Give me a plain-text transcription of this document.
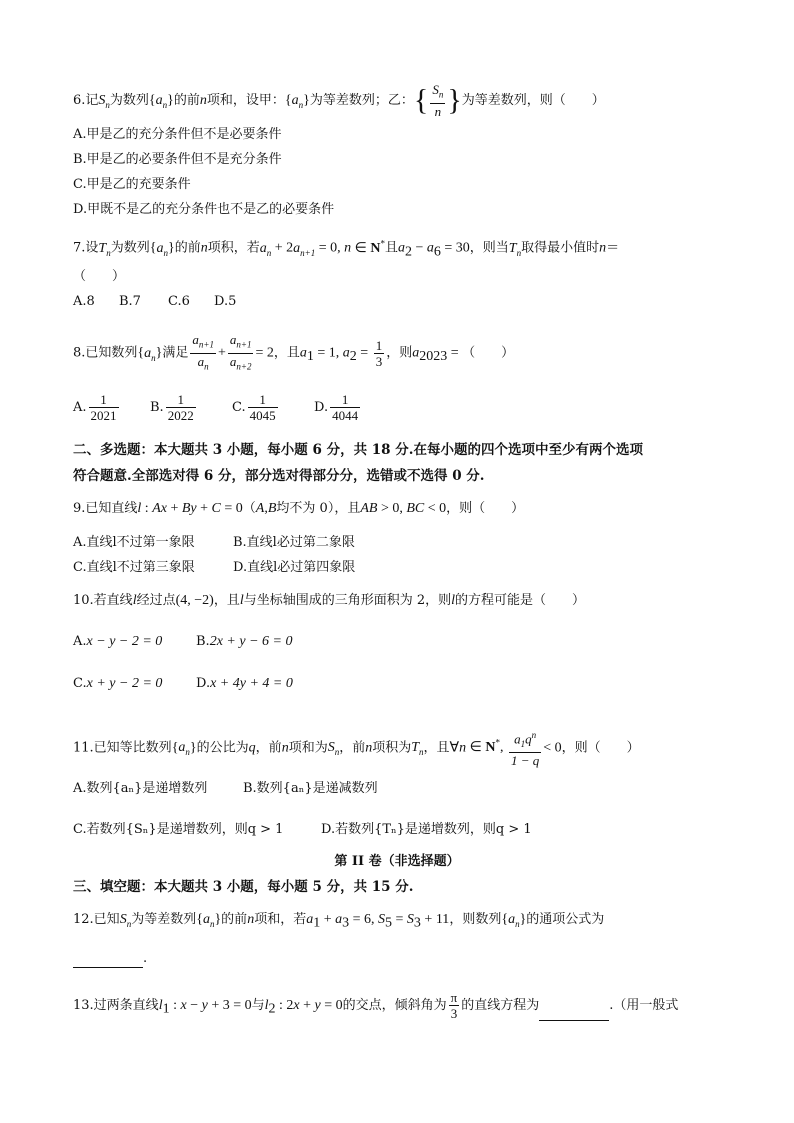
6.记$S_n$为数列$\{a_n\}$的前n项和，设甲：$\{a_n\}$为等差数列；乙：{ $\frac{S_n}{n}$ }为等差数列，则（　　）
A.甲是乙的充分条件但不是必要条件
B.甲是乙的必要条件但不是充分条件
C.甲是乙的充要条件
D.甲既不是乙的充分条件也不是乙的必要条件
7.设$T_n$为数列$\{a_n\}$的前n项积，若$a_n + 2a_{n+1} = 0$, n ∈ N*且$a_2 - a_6 = 30$，则当$T_n$取得最小值时n＝
（　　）
A.8 B.7 C.6 D.5
8.已知数列$\{a_n\}$满足 $\frac{a_{n+1}}{a_n} + \frac{a_{n+1}}{a_{n+2}} = 2$，且$a_1 = 1$, $a_2 = \frac{1}{3}$ ，则$a_{2023}$ = （　　）
A. $\frac{1}{2021} B$. $\frac{1}{2022}$	C. $\frac{1}{4045}$	D. $\frac{1}{4044}$
二、多选题：本大题共 3 小题，每小题 6 分，共 18 分.在每小题的四个选项中至少有两个选项
符合题意.全部选对得 6 分，部分选对得部分分，选错或不选得 0 分.
9.已知直线l : Ax + By + C = 0（A,B均不为 0），且AB > 0, BC < 0，则（　　）
A.直线l不过第一象限	B.直线l必过第二象限
C.直线l不过第三象限	D.直线l必过第四象限
10.若直线l经过点(4, −2)，且l与坐标轴围成的三角形面积为 2，则l的方程可能是（　　）
A.x − y − 2 = 0	B.2x + y − 6 = 0
C.x + y − 2 = 0	D.x + 4y + 4 = 0
11.已知等比数列$\{a_n\}$的公比为q，前n项和为$S_n$，前n项积为$T_n$，且∀n ∈ N*, $\frac{a_1q^n}{1 - q} < 0$，则（　　）
A.数列{aₙ}是递增数列	B.数列{aₙ}是递减数列
C.若数列{Sₙ}是递增数列，则q > 1	D.若数列{Tₙ}是递增数列，则q > 1
第 II 卷（非选择题）
三、填空题：本大题共 3 小题，每小题 5 分，共 15 分.
12.已知$S_n$为等差数列$\{a_n\}$的前n项和，若$a_1 + a_3 = 6$, $S_5 = S_3 + 11$，则数列$\{a_n\}$的通项公式为
.
13.过两条直线$l_1$ : x − y + 3 = 0与$l_2$ : 2x + y = 0的交点，倾斜角为 $\frac{\pi}{3}$ 的直线方程为	.（用一般式
